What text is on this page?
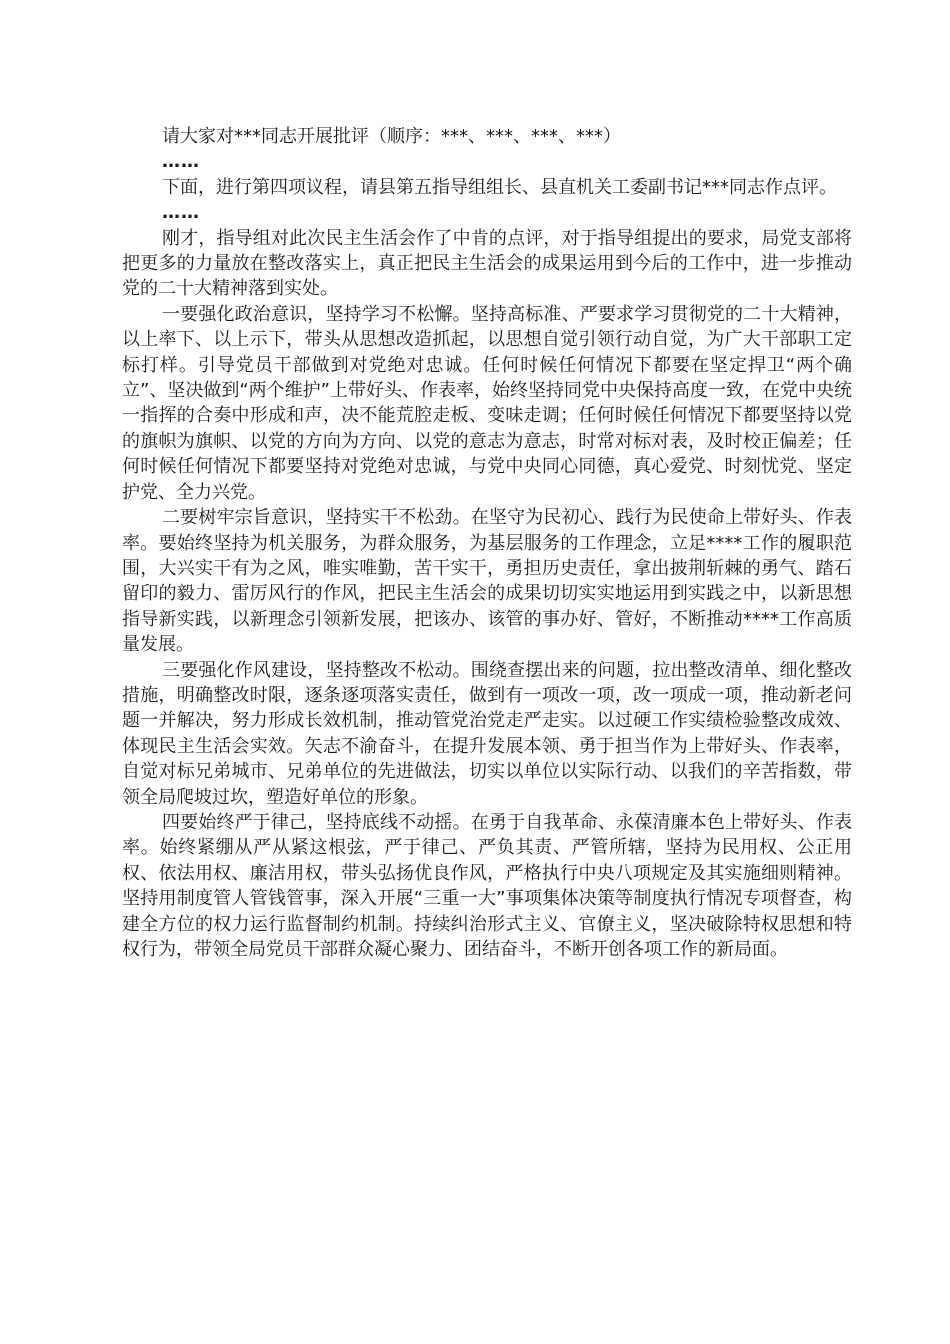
请大家对***同志开展批评（顺序：***、***、***、***）

……

下面，进行第四项议程，请县第五指导组组长、县直机关工委副书记***同志作点评。

……

刚才，指导组对此次民主生活会作了中肯的点评，对于指导组提出的要求，局党支部将把更多的力量放在整改落实上，真正把民主生活会的成果运用到今后的工作中，进一步推动党的二十大精神落到实处。

一要强化政治意识，坚持学习不松懈。坚持高标准、严要求学习贯彻党的二十大精神，以上率下、以上示下，带头从思想改造抓起，以思想自觉引领行动自觉，为广大干部职工定标打样。引导党员干部做到对党绝对忠诚。任何时候任何情况下都要在坚定捍卫“两个确立”、坚决做到“两个维护”上带好头、作表率，始终坚持同党中央保持高度一致，在党中央统一指挥的合奏中形成和声，决不能荒腔走板、变味走调；任何时候任何情况下都要坚持以党的旗帜为旗帜、以党的方向为方向、以党的意志为意志，时常对标对表，及时校正偏差；任何时候任何情况下都要坚持对党绝对忠诚，与党中央同心同德，真心爱党、时刻忧党、坚定护党、全力兴党。

二要树牢宗旨意识，坚持实干不松劲。在坚守为民初心、践行为民使命上带好头、作表率。要始终坚持为机关服务，为群众服务，为基层服务的工作理念，立足****工作的履职范围，大兴实干有为之风，唯实唯勤，苦干实干，勇担历史责任，拿出披荆斩棘的勇气、踏石留印的毅力、雷厉风行的作风，把民主生活会的成果切切实实地运用到实践之中，以新思想指导新实践，以新理念引领新发展，把该办、该管的事办好、管好，不断推动****工作高质量发展。

三要强化作风建设，坚持整改不松动。围绕查摆出来的问题，拉出整改清单、细化整改措施，明确整改时限，逐条逐项落实责任，做到有一项改一项，改一项成一项，推动新老问题一并解决，努力形成长效机制，推动管党治党走严走实。以过硬工作实绩检验整改成效、体现民主生活会实效。矢志不渝奋斗，在提升发展本领、勇于担当作为上带好头、作表率，自觉对标兄弟城市、兄弟单位的先进做法，切实以单位以实际行动、以我们的辛苦指数，带领全局爬坡过坎，塑造好单位的形象。

四要始终严于律己，坚持底线不动摇。在勇于自我革命、永葆清廉本色上带好头、作表率。始终紧绷从严从紧这根弦，严于律己、严负其责、严管所辖，坚持为民用权、公正用权、依法用权、廉洁用权，带头弘扬优良作风，严格执行中央八项规定及其实施细则精神。坚持用制度管人管钱管事，深入开展“三重一大”事项集体决策等制度执行情况专项督查，构建全方位的权力运行监督制约机制。持续纠治形式主义、官僚主义，坚决破除特权思想和特权行为，带领全局党员干部群众凝心聚力、团结奋斗，不断开创各项工作的新局面。
